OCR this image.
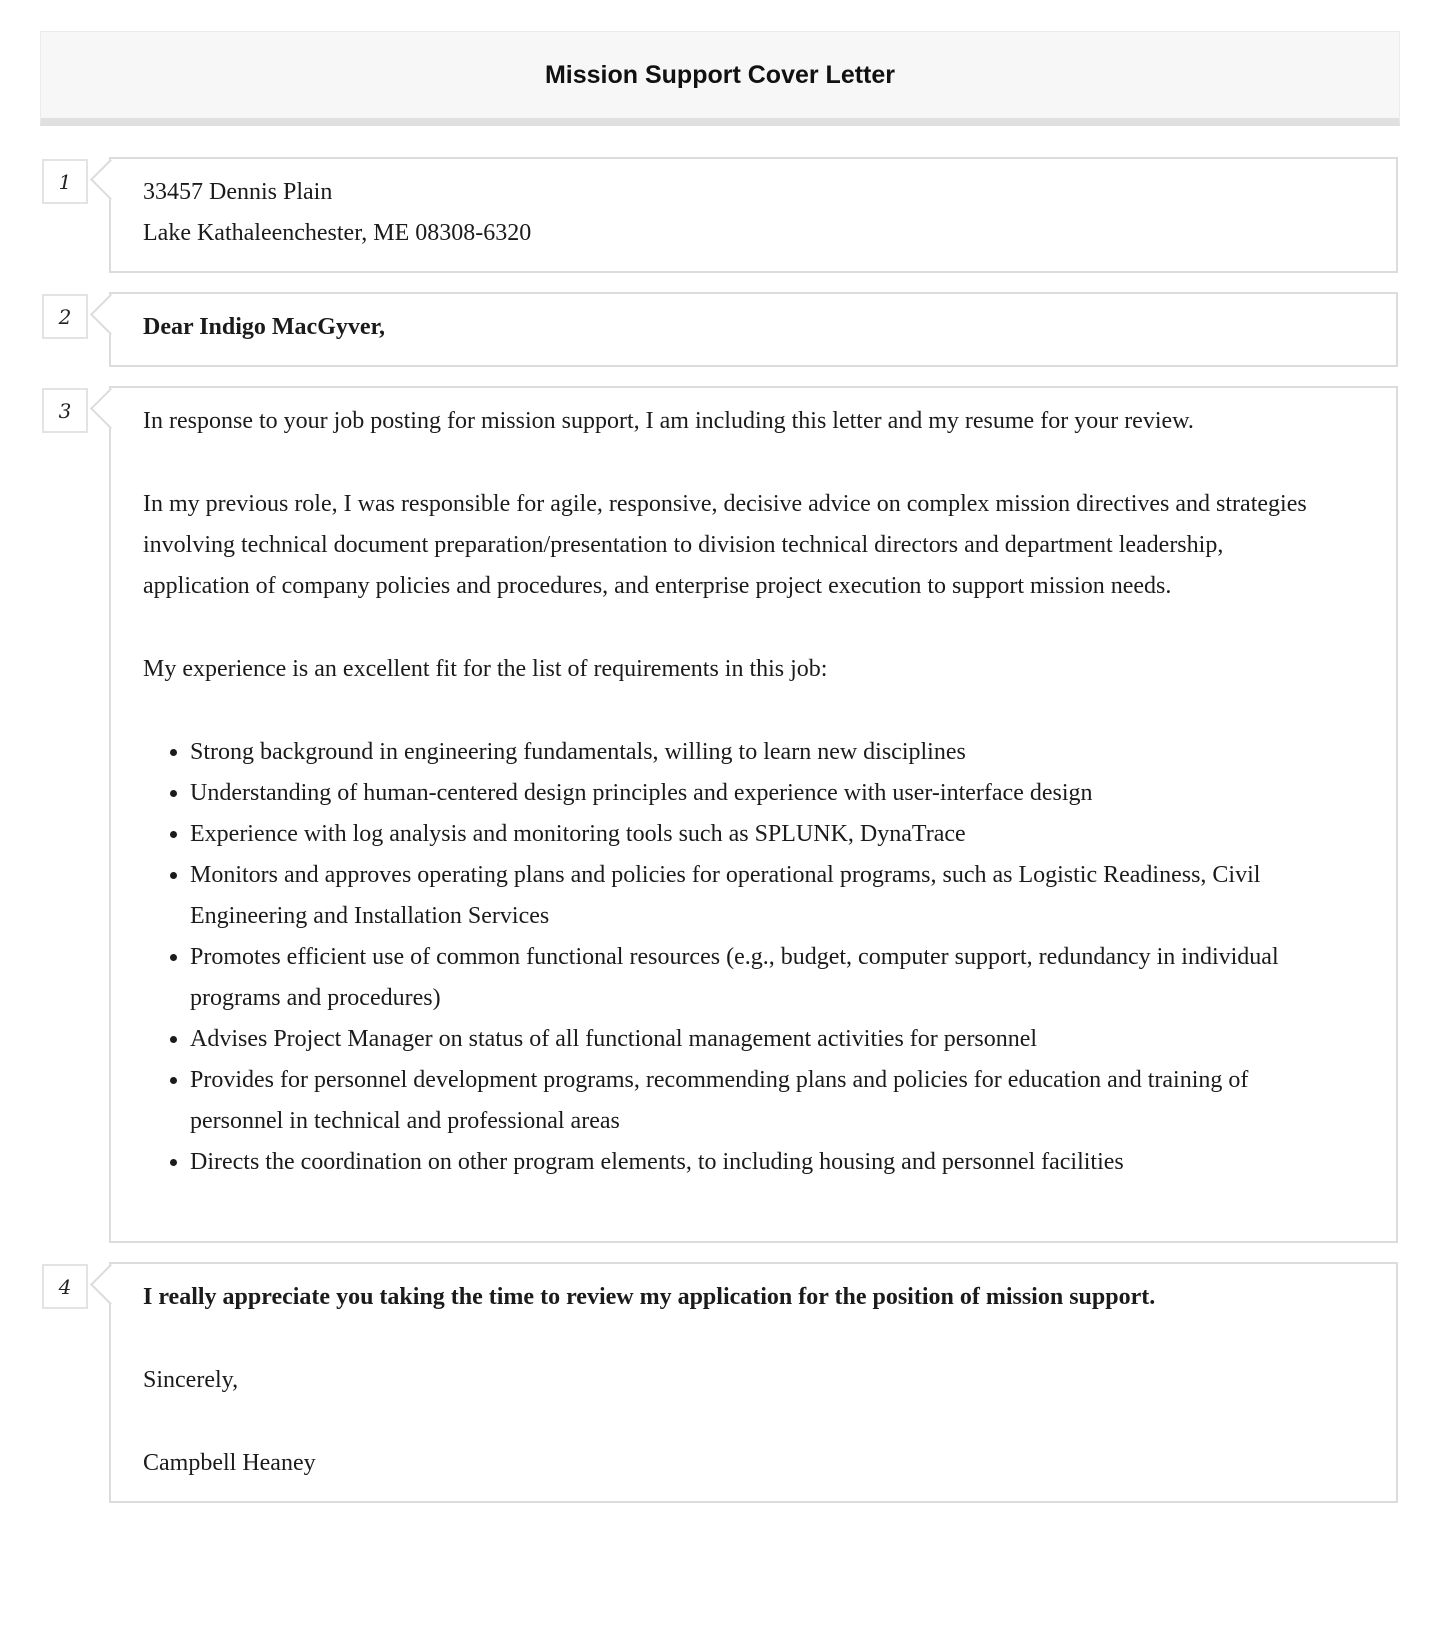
Mission Support Cover Letter
1	33457 Dennis Plain
Lake Kathaleenchester, ME 08308-6320
2	Dear Indigo MacGyver,

3	In response to your job posting for mission support, I am including this letter and my resume for your review.

In my previous role, I was responsible for agile, responsive, decisive advice on complex mission directives and strategies involving technical document preparation/presentation to division technical directors and department leadership, application of company policies and procedures, and enterprise project execution to support mission needs.

My experience is an excellent fit for the list of requirements in this job:

• Strong background in engineering fundamentals, willing to learn new disciplines
• Understanding of human-centered design principles and experience with user-interface design
• Experience with log analysis and monitoring tools such as SPLUNK, DynaTrace
• Monitors and approves operating plans and policies for operational programs, such as Logistic Readiness, Civil Engineering and Installation Services
• Promotes efficient use of common functional resources (e.g., budget, computer support, redundancy in individual programs and procedures)
• Advises Project Manager on status of all functional management activities for personnel
• Provides for personnel development programs, recommending plans and policies for education and training of personnel in technical and professional areas
• Directs the coordination on other program elements, to including housing and personnel facilities
4	I really appreciate you taking the time to review my application for the position of mission support.

Sincerely,

Campbell Heaney
